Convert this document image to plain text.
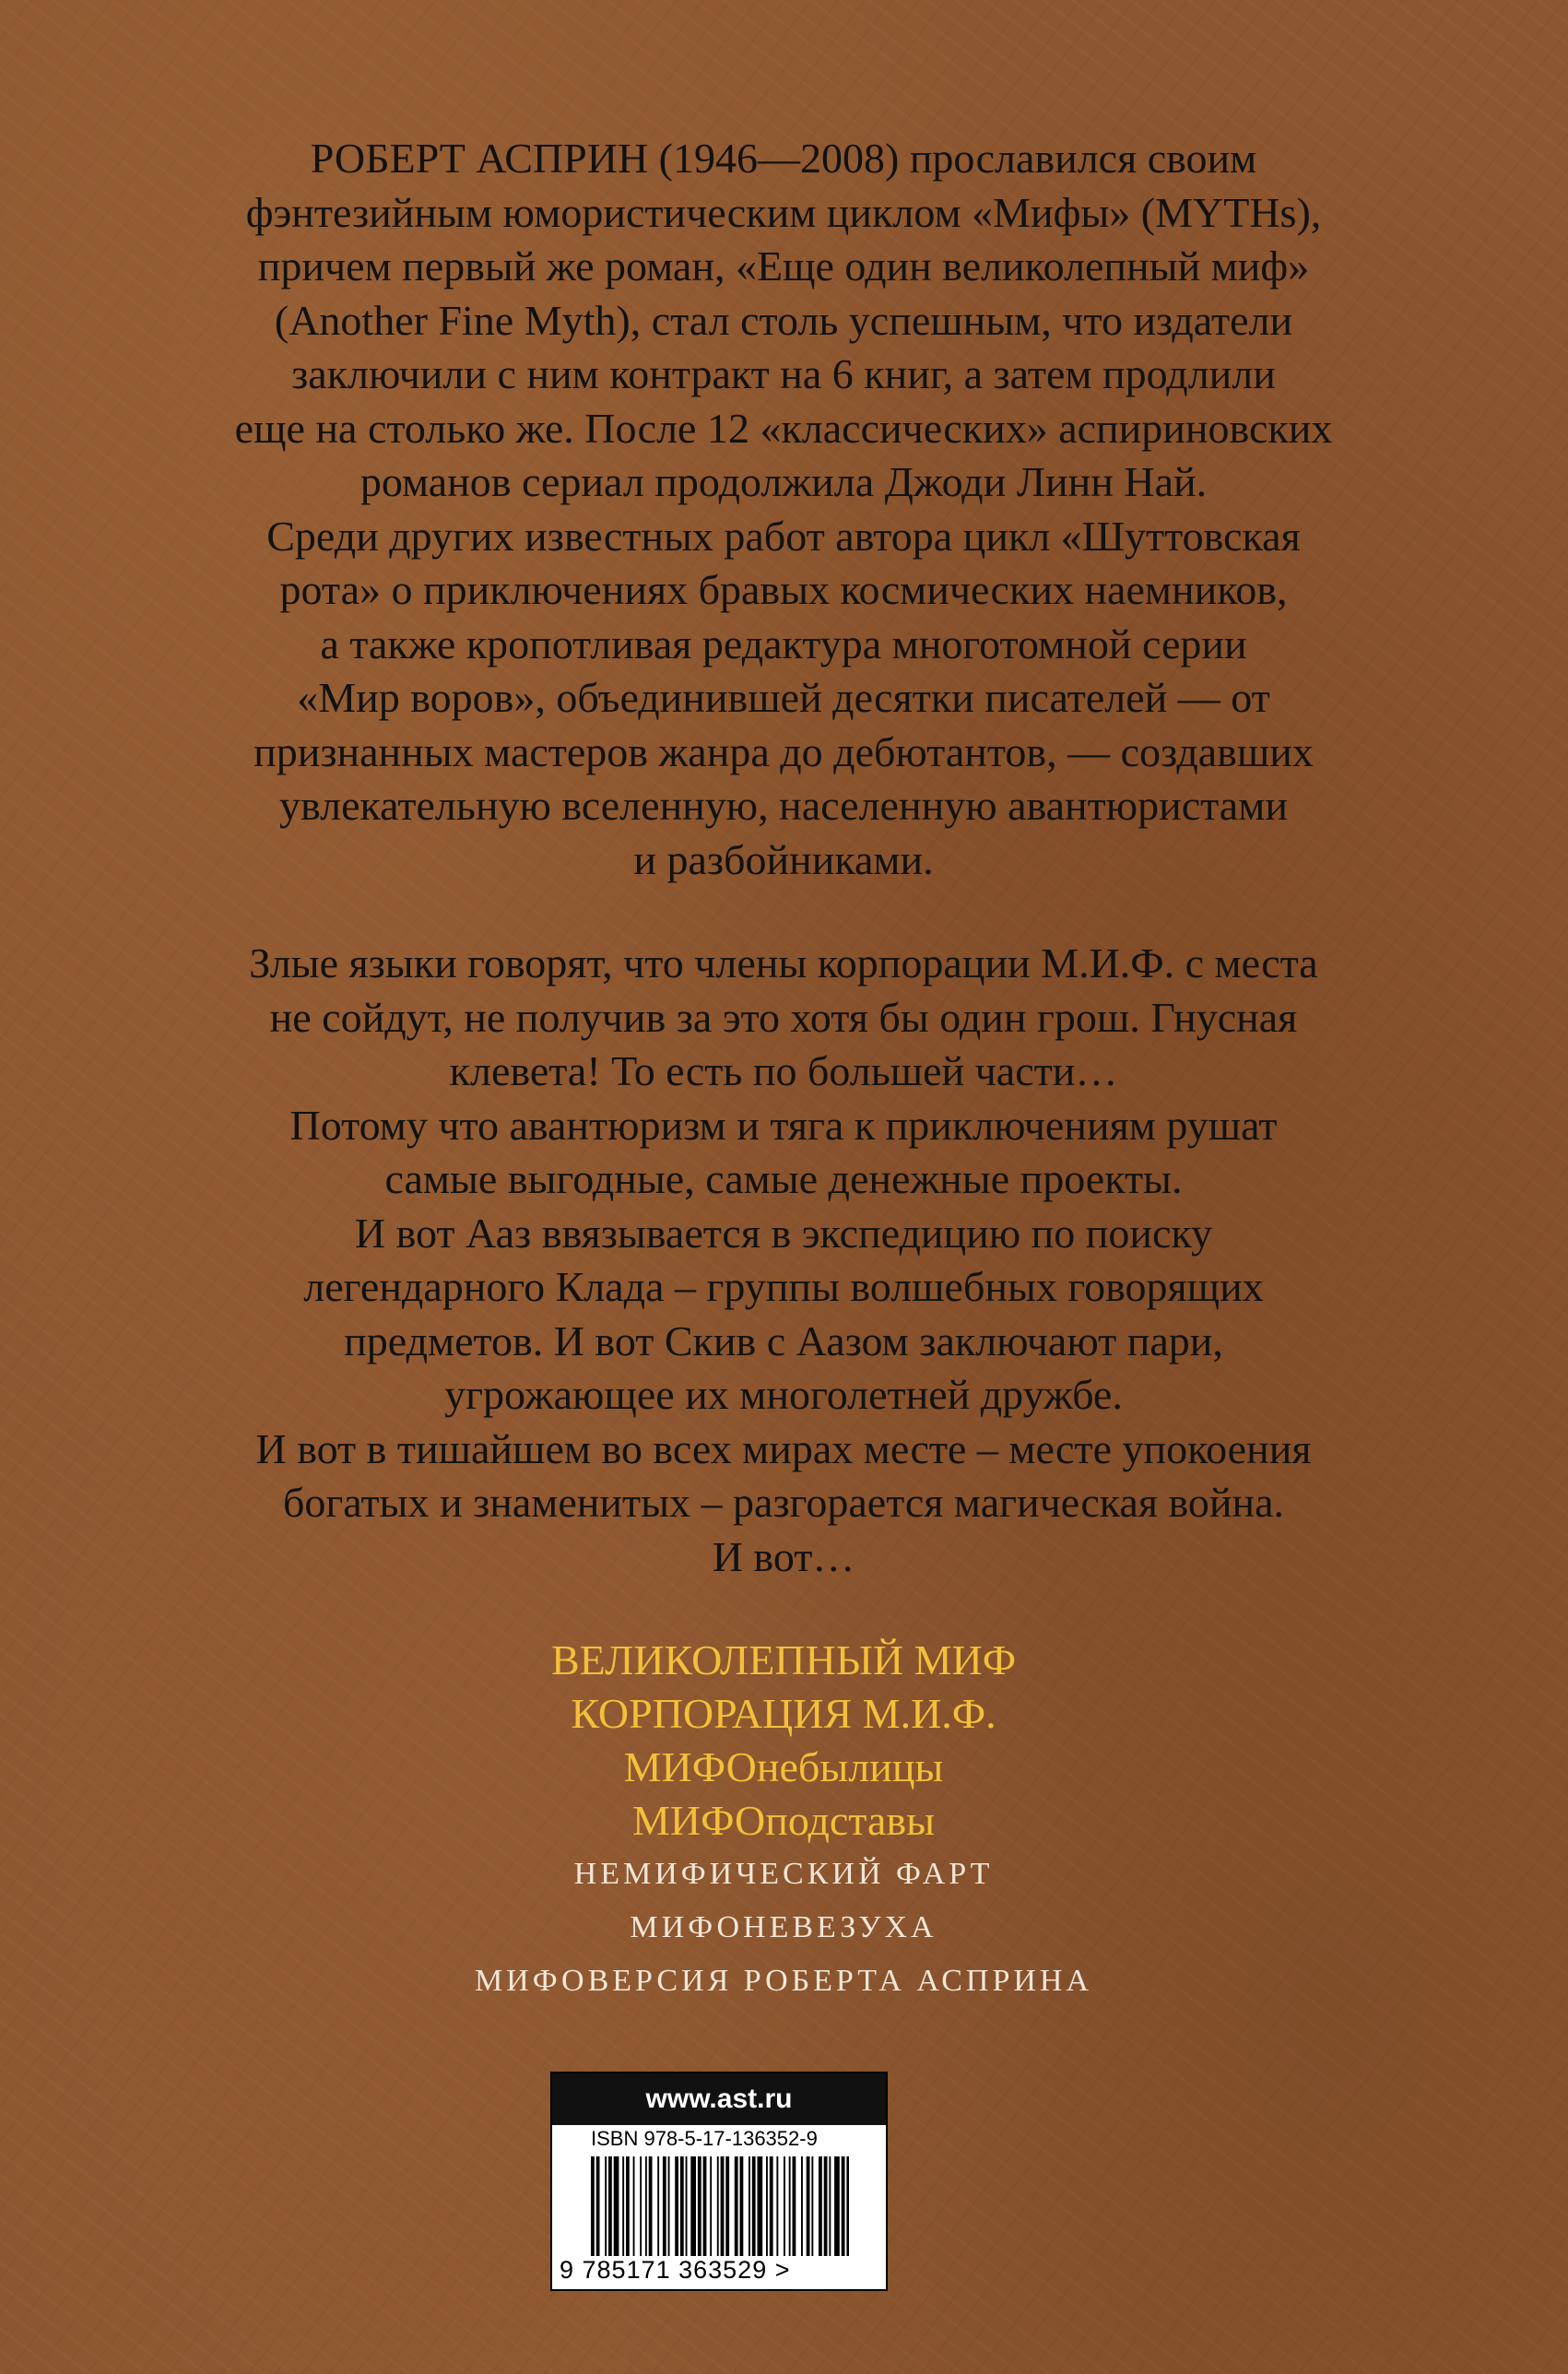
РОБЕРТ АСПРИН (1946—2008) прославился своим
фэнтезийным юмористическим циклом «Мифы» (MYTHs),
причем первый же роман, «Еще один великолепный миф»
(Another Fine Myth), стал столь успешным, что издатели
заключили с ним контракт на 6 книг, а затем продлили
еще на столько же. После 12 «классических» аспириновских
романов сериал продолжила Джоди Линн Най.
Среди других известных работ автора цикл «Шуттовская
рота» о приключениях бравых космических наемников,
а также кропотливая редактура многотомной серии
«Мир воров», объединившей десятки писателей — от
признанных мастеров жанра до дебютантов, — создавших
увлекательную вселенную, населенную авантюристами
и разбойниками.
Злые языки говорят, что члены корпорации М.И.Ф. с места
не сойдут, не получив за это хотя бы один грош. Гнусная
клевета! То есть по большей части…
Потому что авантюризм и тяга к приключениям рушат
самые выгодные, самые денежные проекты.
И вот Ааз ввязывается в экспедицию по поиску
легендарного Клада – группы волшебных говорящих
предметов. И вот Скив с Аазом заключают пари,
угрожающее их многолетней дружбе.
И вот в тишайшем во всех мирах месте – месте упокоения
богатых и знаменитых – разгорается магическая война.
И вот…
ВЕЛИКОЛЕПНЫЙ МИФ
КОРПОРАЦИЯ М.И.Ф.
МИФОнебылицы
МИФОподставы
НЕМИФИЧЕСКИЙ ФАРТ
МИФОНЕВЕЗУХА
МИФОВЕРСИЯ РОБЕРТА АСПРИНА
www.ast.ru
ISBN 978-5-17-136352-9
9 785171 363529 >
